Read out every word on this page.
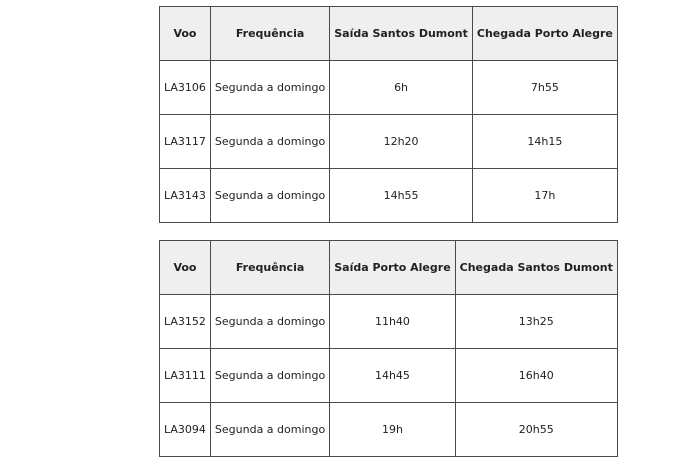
Voo	Frequência	Saída Santos Dumont	Chegada Porto Alegre
LA3106	Segunda a domingo	6h	7h55
LA3117	Segunda a domingo	12h20	14h15
LA3143	Segunda a domingo	14h55	17h
Voo	Frequência	Saída Porto Alegre	Chegada Santos Dumont
LA3152	Segunda a domingo	11h40	13h25
LA3111	Segunda a domingo	14h45	16h40
LA3094	Segunda a domingo	19h	20h55
